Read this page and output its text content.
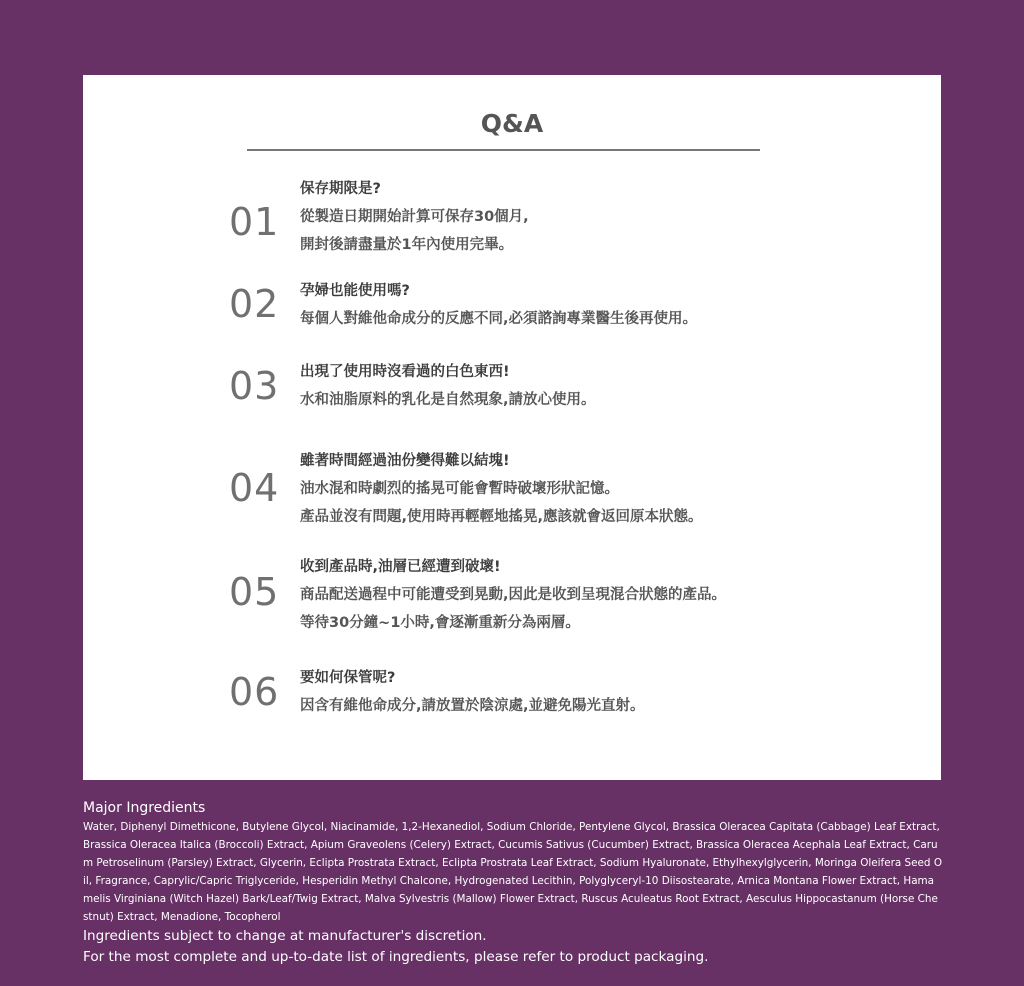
Q&A
01
保存期限是?
從製造日期開始計算可保存30個月,
開封後請盡量於1年內使用完畢。
02 孕婦也能使用嗎?
每個人對維他命成分的反應不同,必須諮詢專業醫生後再使用。
03 出現了使用時沒看過的白色東西!
水和油脂原料的乳化是自然現象,請放心使用。
04
雖著時間經過油份變得難以結塊!
油水混和時劇烈的搖晃可能會暫時破壞形狀記憶。
產品並沒有問題,使用時再輕輕地搖晃,應該就會返回原本狀態。
05
收到產品時,油層已經遭到破壞!
商品配送過程中可能遭受到晃動,因此是收到呈現混合狀態的產品。
等待30分鐘~1小時,會逐漸重新分為兩層。
06 要如何保管呢?
因含有維他命成分,請放置於陰涼處,並避免陽光直射。
Major Ingredients
Water, Diphenyl Dimethicone, Butylene Glycol, Niacinamide, 1,2-Hexanediol, Sodium Chloride, Pentylene Glycol, Brassica Oleracea Capitata (Cabbage) Leaf Extract, Brassica Oleracea Italica (Broccoli) Extract, Apium Graveolens (Celery) Extract, Cucumis Sativus (Cucumber) Extract, Brassica Oleracea Acephala Leaf Extract, Carum Petroselinum (Parsley) Extract, Glycerin, Eclipta Prostrata Extract, Eclipta Prostrata Leaf Extract, Sodium Hyaluronate, Ethylhexylglycerin, Moringa Oleifera Seed Oil, Fragrance, Caprylic/Capric Triglyceride, Hesperidin Methyl Chalcone, Hydrogenated Lecithin, Polyglyceryl-10 Diisostearate, Arnica Montana Flower Extract, Hamamelis Virginiana (Witch Hazel) Bark/Leaf/Twig Extract, Malva Sylvestris (Mallow) Flower Extract, Ruscus Aculeatus Root Extract, Aesculus Hippocastanum (Horse Chestnut) Extract, Menadione, Tocopherol
Ingredients subject to change at manufacturer's discretion.
For the most complete and up-to-date list of ingredients, please refer to product packaging.
